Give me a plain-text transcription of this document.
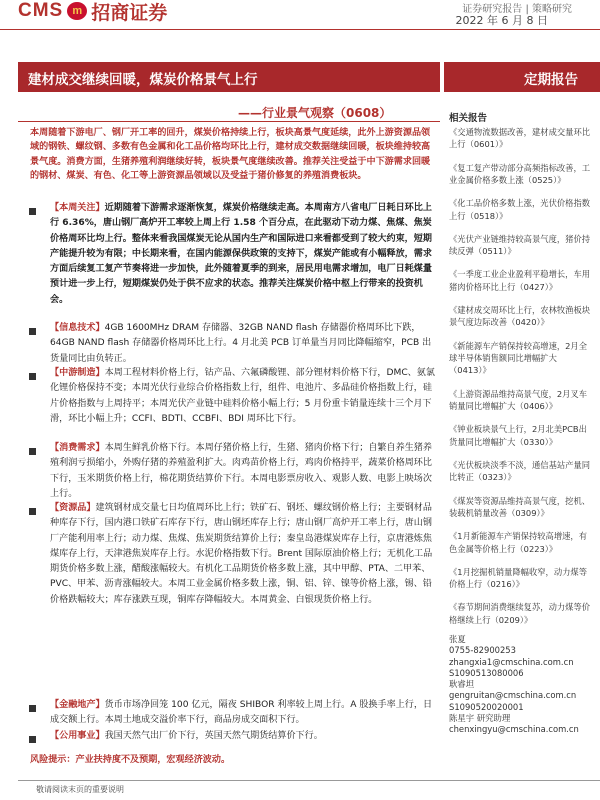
CMS m 招商证券	证券研究报告 | 策略研究
2022 年 6 月 8 日
建材成交继续回暖，煤炭价格景气上行	定期报告
——行业景气观察（0608）
本周随着下游电厂、钢厂开工率的回升，煤炭价格持续上行，板块高景气度延续，此外上游资源品领域的钢铁、螺纹钢、多数有色金属和化工品价格均环比上行，建材成交数据继续回暖，板块维持较高景气度。消费方面，生猪养殖利润继续好转，板块景气度继续改善。推荐关注受益于中下游需求回暖的钢材、煤炭、有色、化工等上游资源品领域以及受益于猪价修复的养殖消费板块。
【本周关注】近期随着下游需求逐渐恢复，煤炭价格继续走高。本周南方八省电厂日耗日环比上行 6.36%，唐山钢厂高炉开工率较上周上行 1.58 个百分点，在此驱动下动力煤、焦煤、焦炭价格周环比均上行。整体来看我国煤炭无论从国内生产和国际进口来看都受到了较大约束，短期产能提升较为有限；中长期来看，在国内能源保供政策的支持下，煤炭产能或有小幅释放，需求方面后续复工复产节奏将进一步加快，此外随着夏季的到来，居民用电需求增加，电厂日耗煤量预计进一步上行，短期煤炭仍处于供不应求的状态。推荐关注煤炭价格中枢上行带来的投资机会。
【信息技术】4GB 1600MHz DRAM 存储器、32GB NAND flash 存储器价格周环比下跌，64GB NAND flash 存储器价格周环比上行。4 月北美 PCB 订单量当月同比降幅缩窄，PCB 出货量同比由负转正。
【中游制造】本周工程材料价格上行，钴产品、六氟磷酸锂、部分锂材料价格下行，DMC、氨氯化锂价格保持不变；本周光伏行业综合价格指数上行，组件、电池片、多晶硅价格指数上行，硅片价格指数与上周持平；本周光伏产业链中硅料价格小幅上行；5 月份重卡销量连续十三个月下滑，环比小幅上升；CCFI、BDTI、CCBFI、BDI 周环比下行。
【消费需求】本周生鲜乳价格下行。本周仔猪价格上行，生猪、猪肉价格下行；自繁自养生猪养殖利润亏损缩小，外购仔猪的养殖盈利扩大。肉鸡苗价格上行，鸡肉价格持平，蔬菜价格周环比下行，玉米期货价格上行，棉花期货结算价下行。本周电影票房收入、观影人数、电影上映场次上行。
【资源品】建筑钢材成交量七日均值周环比上行；铁矿石、钢坯、螺纹钢价格上行；主要钢材品种库存下行，国内港口铁矿石库存下行，唐山钢坯库存上行；唐山钢厂高炉开工率上行，唐山钢厂产能利用率上行；动力煤、焦煤、焦炭期货结算价上行；秦皇岛港煤炭库存上行，京唐港炼焦煤库存上行，天津港焦炭库存上行。水泥价格指数下行。Brent 国际原油价格上行；无机化工品期货价格多数上涨，醋酸涨幅较大。有机化工品期货价格多数上涨，其中甲醇、PTA、二甲苯、PVC、甲苯、沥青涨幅较大。本周工业金属价格多数上涨，铜、铝、锌、镍等价格上涨，锡、铅价格跌幅较大；库存涨跌互现，铜库存降幅较大。本周黄金、白银现货价格上行。
【金融地产】货币市场净回笼 100 亿元，隔夜 SHIBOR 利率较上周上行。A 股换手率上行，日成交额上行。本周土地成交溢价率下行，商品房成交面积下行。
【公用事业】我国天然气出厂价下行，英国天然气期货结算价下行。
风险提示：产业扶持度不及预期，宏观经济波动。
相关报告
《交通物流数据改善，建材成交量环比上行（0601）》
《复工复产带动部分高频指标改善，工业金属价格多数上涨（0525）》
《化工品价格多数上涨，光伏价格指数上行（0518）》
《光伏产业链维持较高景气度，猪价持续反弹（0511）》
《一季度工业企业盈利平稳增长，车用猪肉价格环比上行（0427）》
《建材成交周环比上行，农林牧渔板块景气度边际改善（0420）》
《新能源车产销保持较高增速，2月全球半导体销售额同比增幅扩大（0413）》
《上游资源品维持高景气度，2月叉车销量同比增幅扩大（0406）》
《钟业板块景气上行，2月北美PCB出货量同比增幅扩大（0330）》
《光伏板块淡季不淡，通信基站产量同比转正（0323）》
《煤炭等资源品维持高景气度，挖机、装载机销量改善（0309）》
《1月新能源车产销保持较高增速，有色金属等价格上行（0223）》
《1月挖掘机销量降幅收窄，动力煤等价格上行（0216）》
《春节期间消费继续复苏，动力煤等价格继续上行（0209）》
张夏
0755-82900253
zhangxia1@cmschina.com.cn
S1090513080006
耿睿坦
gengruitan@cmschina.com.cn
S1090520020001
陈星宇 研究助理
chenxingyu@cmschina.com.cn
敬请阅读末页的重要说明
